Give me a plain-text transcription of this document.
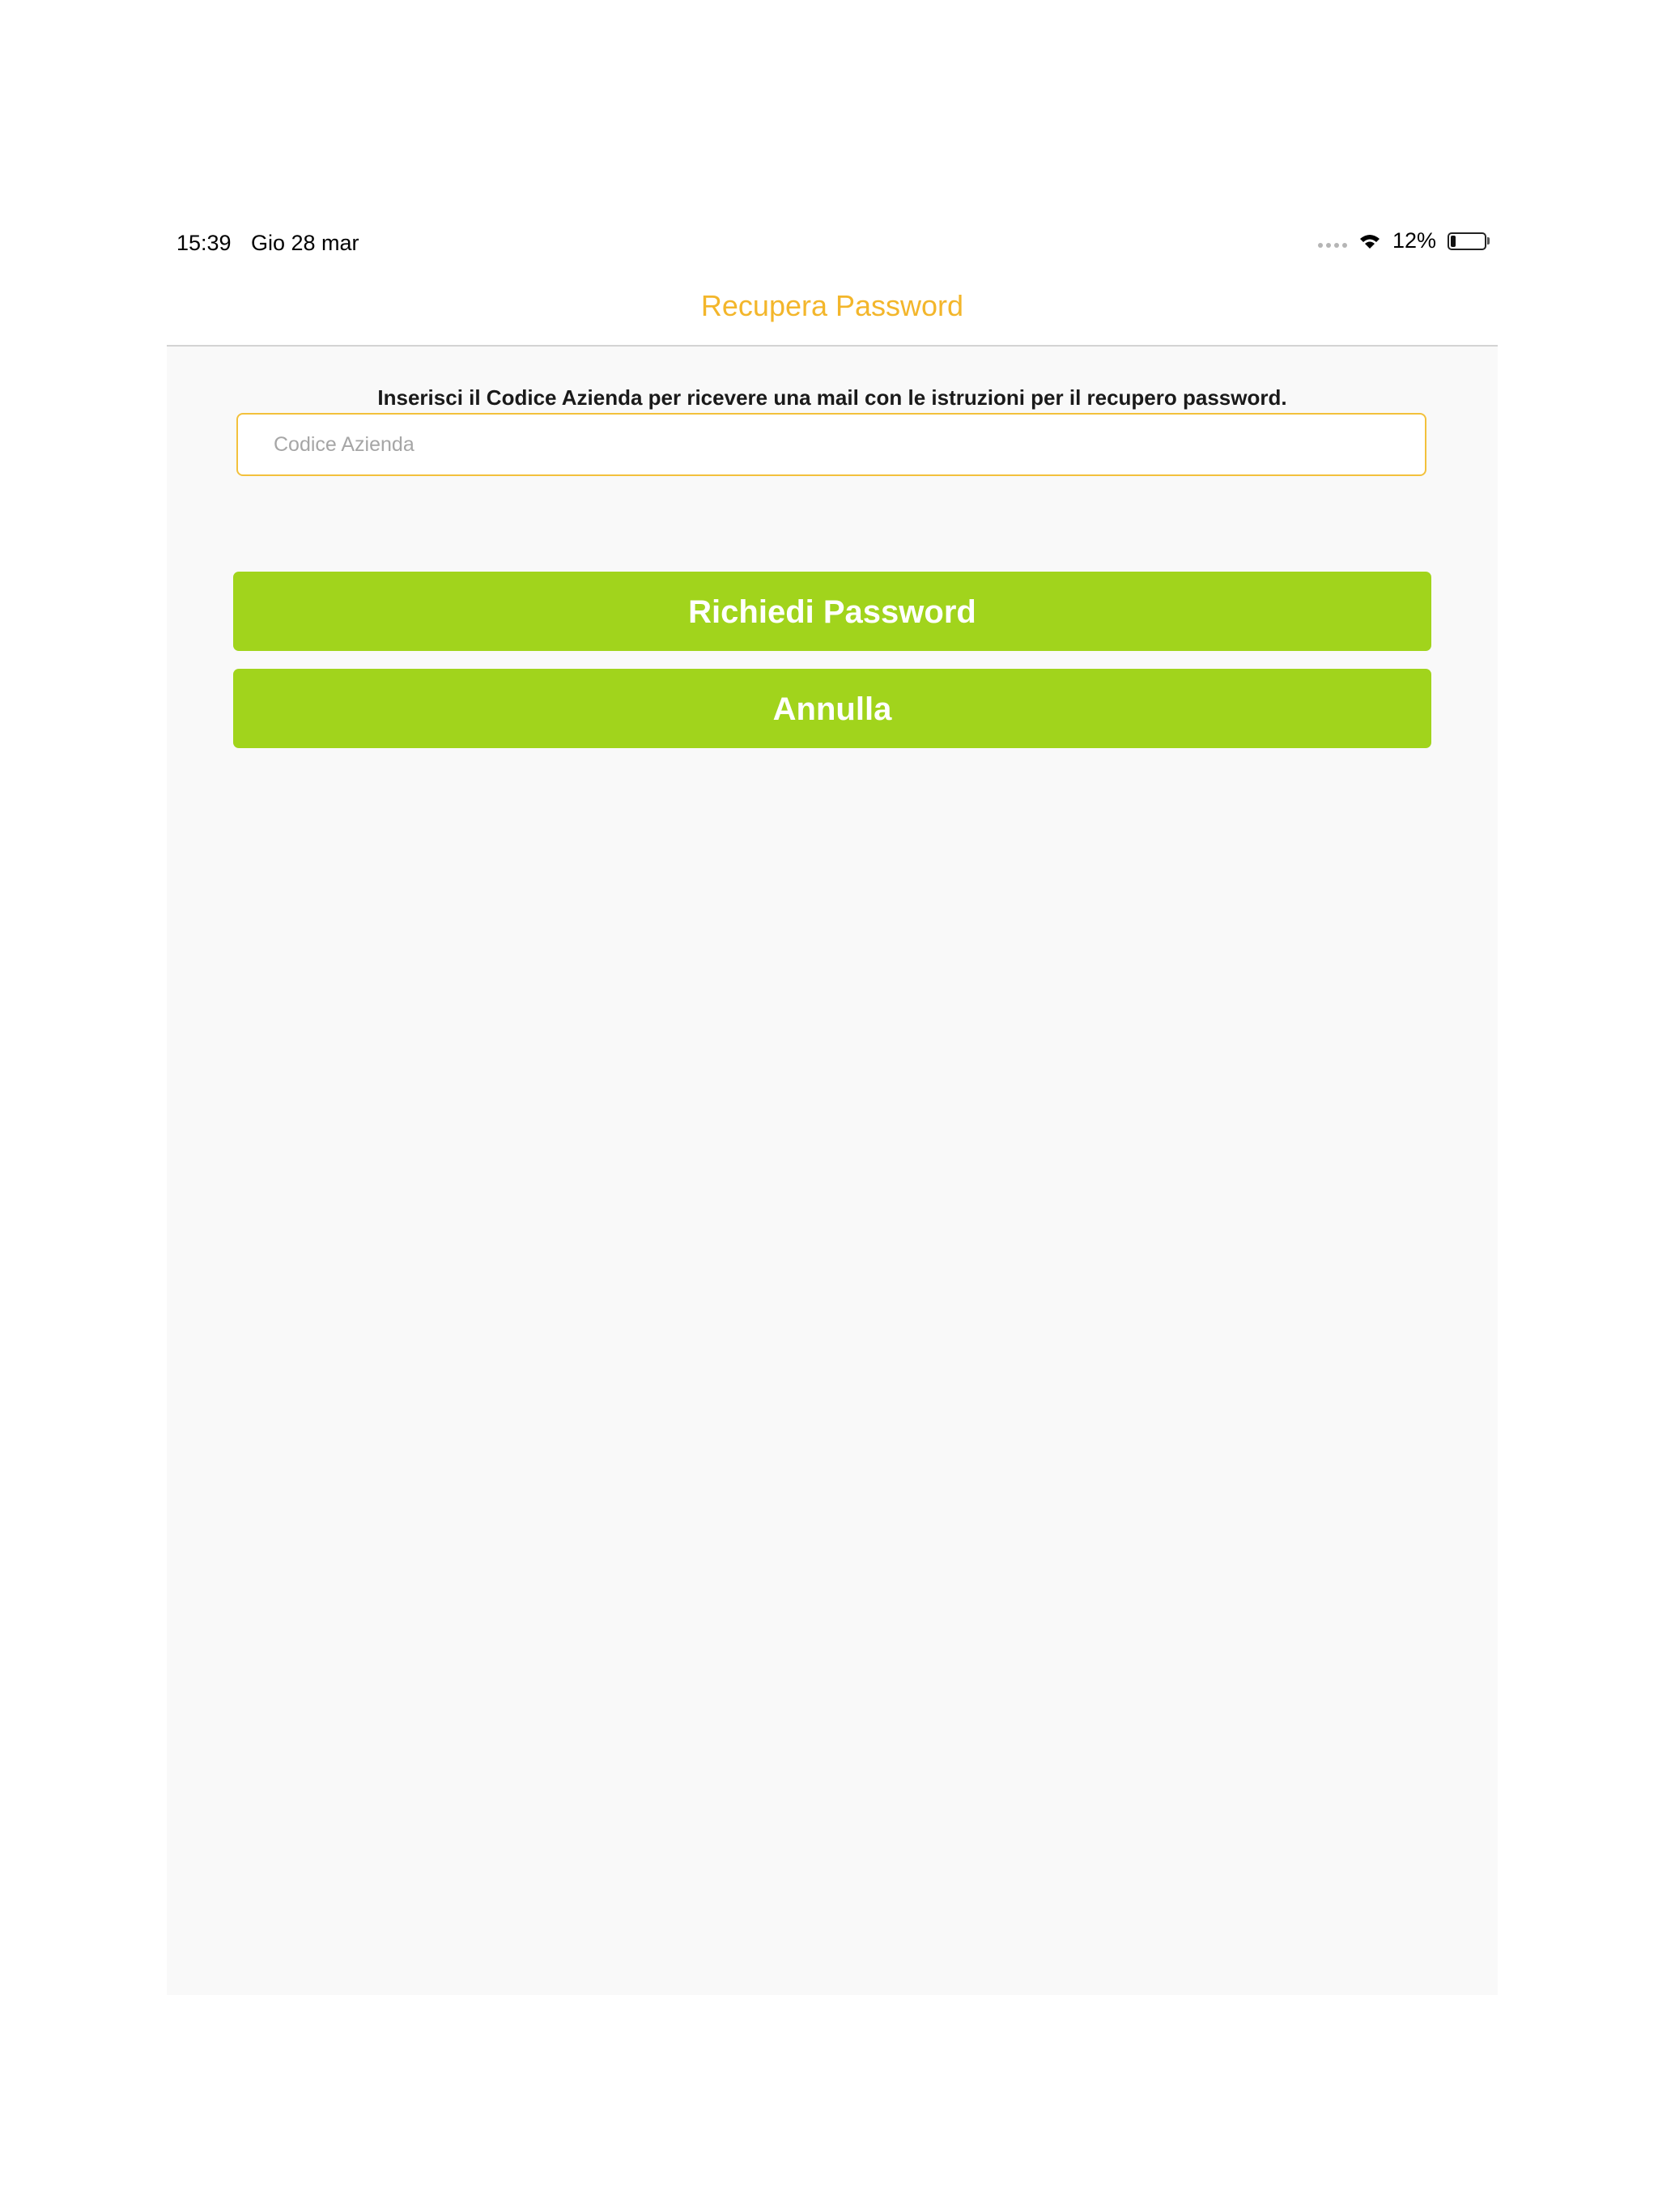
15:39 Gio 28 mar	12%
Recupera Password
Inserisci il Codice Azienda per ricevere una mail con le istruzioni per il recupero password.
Codice Azienda
Richiedi Password
Annulla
